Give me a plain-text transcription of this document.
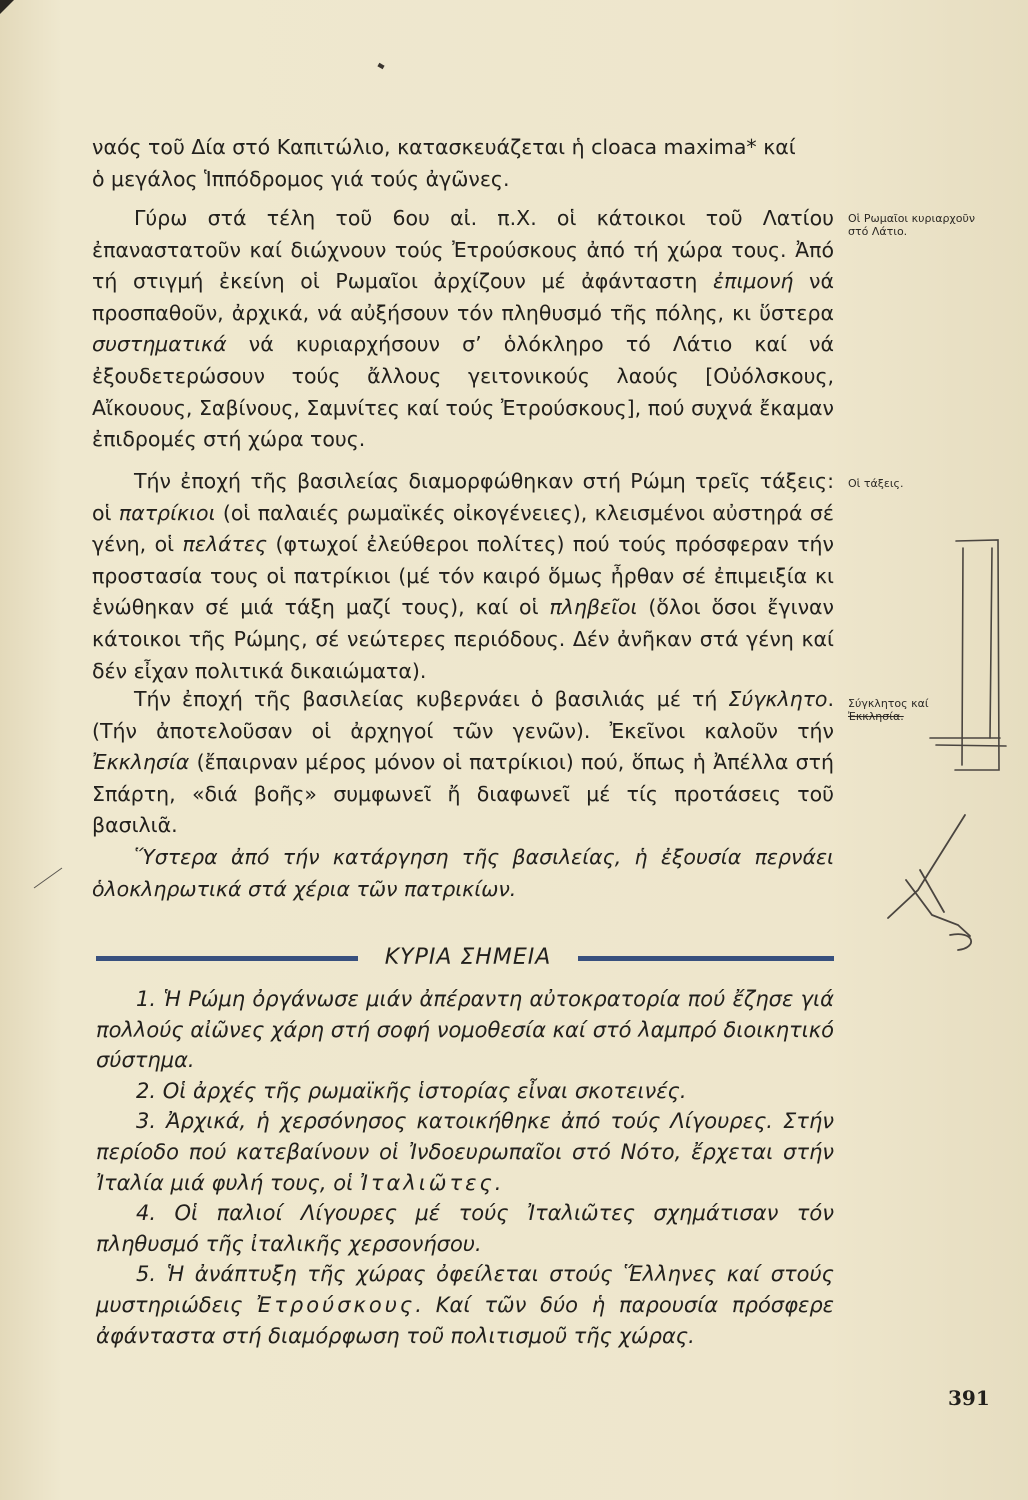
ναός τοῦ Δία στό Καπιτώλιο, κατασκευάζεται ἡ cloaca maxima* καί

ὁ μεγάλος Ἱππόδρομος γιά τούς ἀγῶνες.

Γύρω στά τέλη τοῦ 6ου αἰ. π.Χ. οἱ κάτοικοι τοῦ Λατίου ἐπαναστατοῦν καί διώχνουν τούς Ἐτρούσκους ἀπό τή χώρα τους. Ἀπό τή στιγμή ἐκείνη οἱ Ρωμαῖοι ἀρχίζουν μέ ἀφάνταστη ἐπιμονή νά προσπαθοῦν, ἀρχικά, νά αὐξήσουν τόν πληθυσμό τῆς πόλης, κι ὕστερα συστηματικά νά κυριαρχήσουν σ’ ὁλόκληρο τό Λάτιο καί νά ἐξουδετερώσουν τούς ἄλλους γειτονικούς λαούς [Οὐόλσκους, Αἴκουους, Σαβίνους, Σαμνίτες καί τούς Ἐτρούσκους], πού συχνά ἔκαμαν ἐπιδρομές στή χώρα τους.

Οἱ Ρωμαῖοι κυριαρχοῦν στό Λάτιο.

Τήν ἐποχή τῆς βασιλείας διαμορφώθηκαν στή Ρώμη τρεῖς τάξεις: οἱ πατρίκιοι (οἱ παλαιές ρωμαϊκές οἰκογένειες), κλεισμένοι αὐστηρά σέ γένη, οἱ πελάτες (φτωχοί ἐλεύθεροι πολίτες) πού τούς πρόσφεραν τήν προστασία τους οἱ πατρίκιοι (μέ τόν καιρό ὅμως ἦρθαν σέ ἐπιμειξία κι ἑνώθηκαν σέ μιά τάξη μαζί τους), καί οἱ πληβεῖοι (ὅλοι ὅσοι ἔγιναν κάτοικοι τῆς Ρώμης, σέ νεώτερες περιόδους. Δέν ἀνῆκαν στά γένη καί δέν εἶχαν πολιτικά δικαιώματα).

Οἱ τάξεις.

Τήν ἐποχή τῆς βασιλείας κυβερνάει ὁ βασιλιάς μέ τή Σύγκλητο. (Τήν ἀποτελοῦσαν οἱ ἀρχηγοί τῶν γενῶν). Ἐκεῖνοι καλοῦν τήν Ἐκκλησία (ἔπαιρναν μέρος μόνον οἱ πατρίκιοι) πού, ὅπως ἡ Ἀπέλλα στή Σπάρτη, «διά βοῆς» συμφωνεῖ ἤ διαφωνεῖ μέ τίς προτάσεις τοῦ βασιλιᾶ.

Ὕστερα ἀπό τήν κατάργηση τῆς βασιλείας, ἡ ἐξουσία περνάει ὁλοκληρωτικά στά χέρια τῶν πατρικίων.

Σύγκλητος καί
Ἐκκλησία.
ΚΥΡΙΑ ΣΗΜΕΙΑ

1. Ἡ Ρώμη ὀργάνωσε μιάν ἀπέραντη αὐτοκρατορία πού ἔζησε γιά πολλούς αἰῶνες χάρη στή σοφή νομοθεσία καί στό λαμπρό διοικητικό σύστημα.

2. Οἱ ἀρχές τῆς ρωμαϊκῆς ἱστορίας εἶναι σκοτεινές.

3. Ἀρχικά, ἡ χερσόνησος κατοικήθηκε ἀπό τούς Λίγουρες. Στήν περίοδο πού κατεβαίνουν οἱ Ἰνδοευρωπαῖοι στό Νότο, ἔρχεται στήν Ἰταλία μιά φυλή τους, οἱ Ἰταλιῶτες.

4. Οἱ παλιοί Λίγουρες μέ τούς Ἰταλιῶτες σχημάτισαν τόν πληθυσμό τῆς ἰταλικῆς χερσονήσου.

5. Ἡ ἀνάπτυξη τῆς χώρας ὀφείλεται στούς Ἕλληνες καί στούς μυστηριώδεις Ἐτρούσκους. Καί τῶν δύο ἡ παρουσία πρόσφερε ἀφάνταστα στή διαμόρφωση τοῦ πολιτισμοῦ τῆς χώρας.

391
